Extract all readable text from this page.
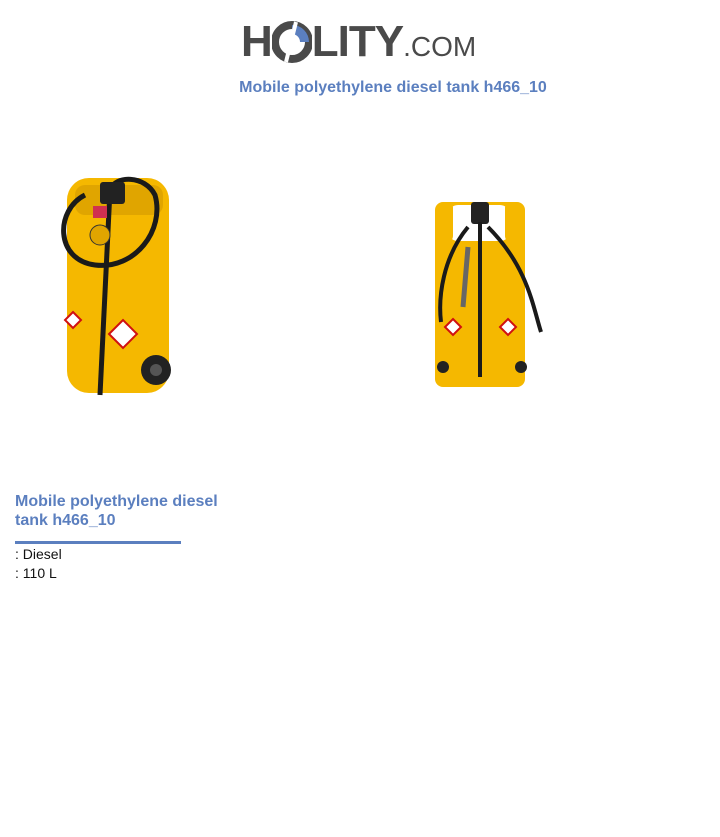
H LITY.COM
Mobile polyethylene diesel tank h466_10
Mobile polyethylene diesel tank h466_10
: Diesel
: 110 L
